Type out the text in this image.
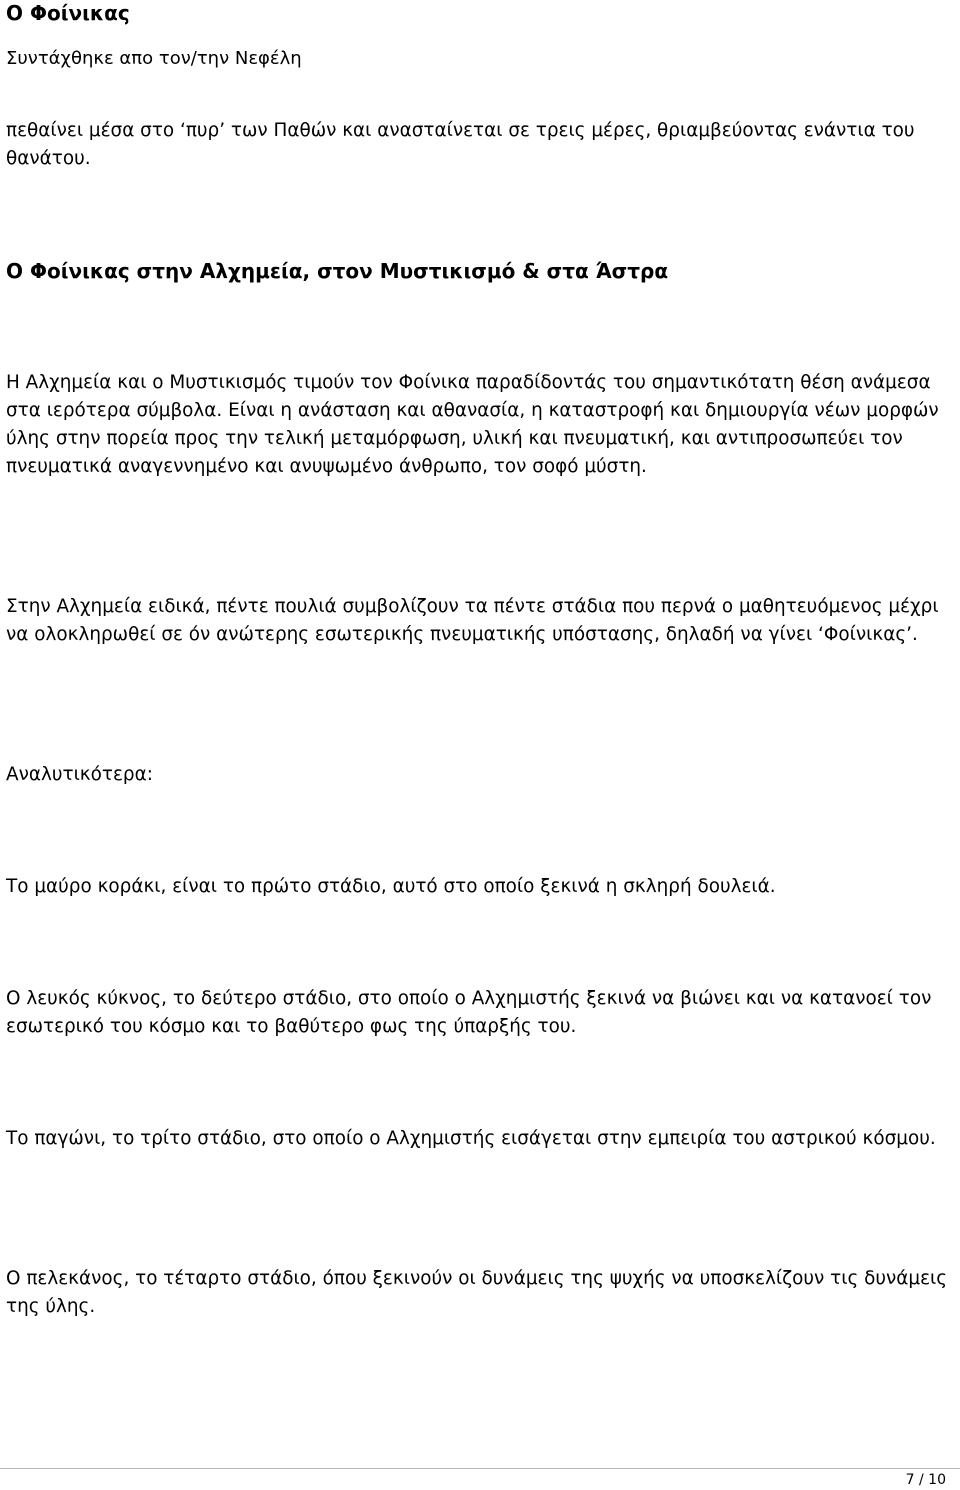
Ο Φοίνικας
Συντάχθηκε απο τον/την Νεφέλη

πεθαίνει μέσα στο ‘πυρ’ των Παθών και ανασταίνεται σε τρεις μέρες, θριαμβεύοντας ενάντια του θανάτου.

Ο Φοίνικας στην Αλχημεία, στον Μυστικισμό & στα Άστρα

Η Αλχημεία και ο Μυστικισμός τιμούν τον Φοίνικα παραδίδοντάς του σημαντικότατη θέση ανάμεσα στα ιερότερα σύμβολα. Είναι η ανάσταση και αθανασία, η καταστροφή και δημιουργία νέων μορφών ύλης στην πορεία προς την τελική μεταμόρφωση, υλική και πνευματική, και αντιπροσωπεύει τον πνευματικά αναγεννημένο και ανυψωμένο άνθρωπο, τον σοφό μύστη.

Στην Αλχημεία ειδικά, πέντε πουλιά συμβολίζουν τα πέντε στάδια που περνά ο μαθητευόμενος μέχρι να ολοκληρωθεί σε όν ανώτερης εσωτερικής πνευματικής υπόστασης, δηλαδή να γίνει ‘Φοίνικας’.

Αναλυτικότερα:

Το μαύρο κοράκι, είναι το πρώτο στάδιο, αυτό στο οποίο ξεκινά η σκληρή δουλειά.

Ο λευκός κύκνος, το δεύτερο στάδιο, στο οποίο ο Αλχημιστής ξεκινά να βιώνει και να κατανοεί τον εσωτερικό του κόσμο και το βαθύτερο φως της ύπαρξής του.

Το παγώνι, το τρίτο στάδιο, στο οποίο ο Αλχημιστής εισάγεται στην εμπειρία του αστρικού κόσμου.

Ο πελεκάνος, το τέταρτο στάδιο, όπου ξεκινούν οι δυνάμεις της ψυχής να υποσκελίζουν τις δυνάμεις της ύλης.

7 / 10
